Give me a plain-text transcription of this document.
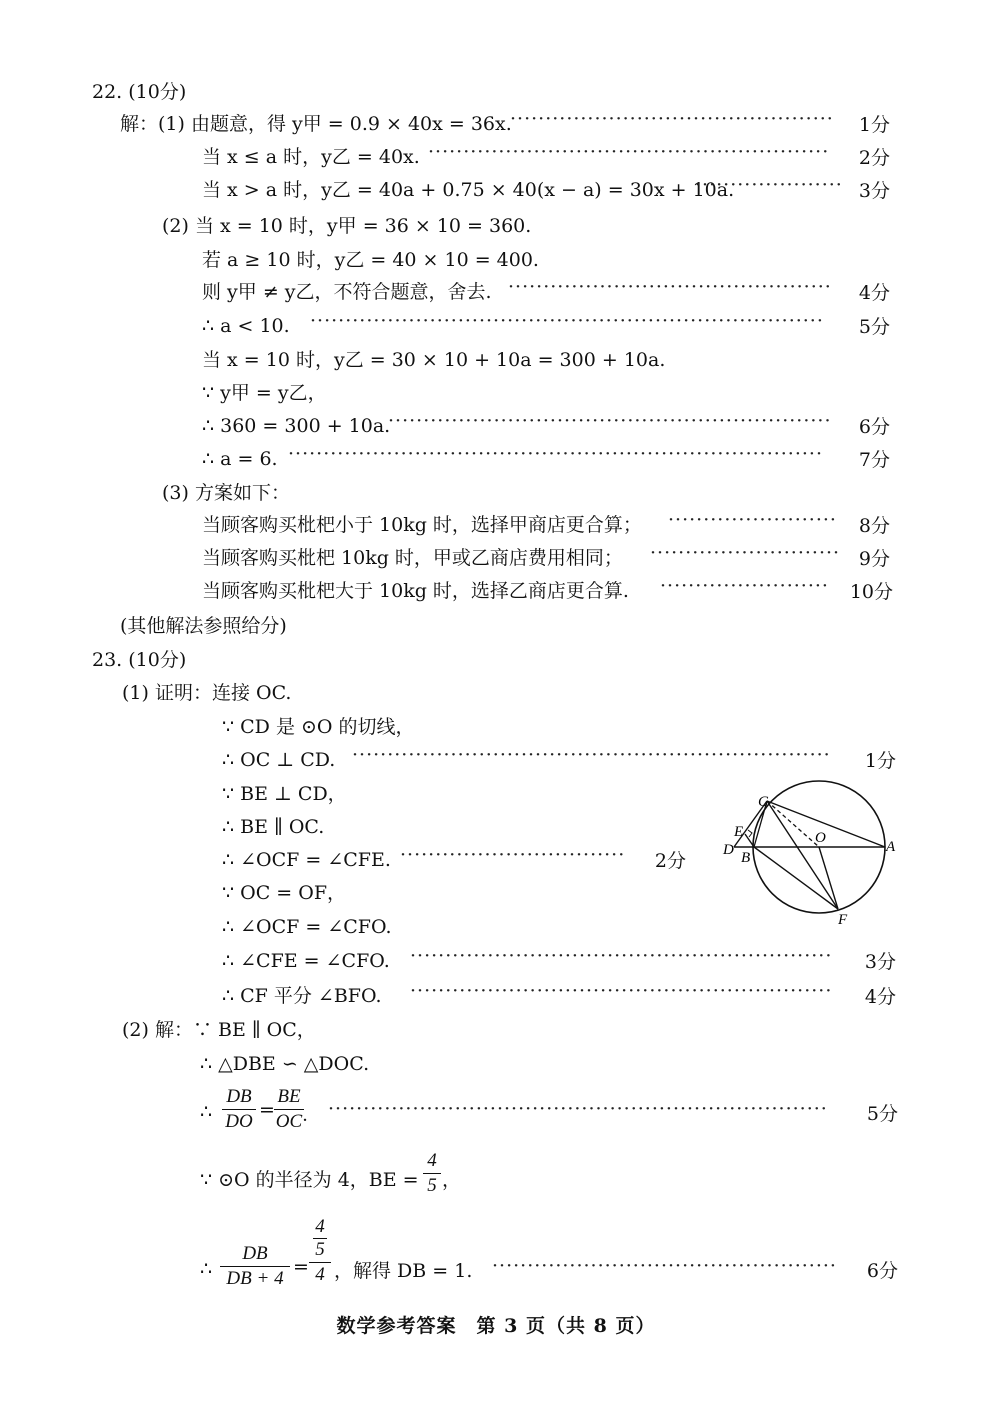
22. (10分)
解：(1) 由题意，得 y甲 = 0.9 × 40x = 36x.
··············································	1分
当 x ≤ a 时，y乙 = 40x. ·························································	2分
当 x > a 时，y乙 = 40a + 0.75 × 40(x − a) = 30x + 10a.
····················· 3分
(2) 当 x = 10 时，y甲 = 36 × 10 = 360.
若 a ≥ 10 时，y乙 = 40 × 10 = 400.
则 y甲 ≠ y乙，不符合题意，舍去. ··············································	4分
∴ a < 10. ·········································································	5分
当 x = 10 时，y乙 = 30 × 10 + 10a = 300 + 10a.
∵ y甲 = y乙，
∴ 360 = 300 + 10a.
·······························································	6分
∴ a = 6. ············································································	7分
(3) 方案如下：
当顾客购买枇杷小于 10kg 时，选择甲商店更合算； ························	8分
当顾客购买枇杷 10kg 时，甲或乙商店费用相同； ··························· 9分
当顾客购买枇杷大于 10kg 时，选择乙商店更合算. ························	10分
(其他解法参照给分)
23. (10分)
(1) 证明：连接 OC.
∵ CD 是 ⊙O 的切线，
∴ OC ⊥ CD. ····································································	1分
∵ BE ⊥ CD，
∴ BE ∥ OC.
∴ ∠OCF = ∠CFE. ································	2分
∵ OC = OF，
∴ ∠OCF = ∠CFO.
∴ ∠CFE = ∠CFO. ····························································	3分
∴ CF 平分 ∠BFO. ····························································	4分
(2) 解：∵ BE ∥ OC，
∴ △DBE ∽ △DOC.
∴
DB
DO
=
BE
OC . ·······································································	5分
∵ ⊙O 的半径为 4，BE =
4
5 ，
∴
DB
DB + 4
=
4
5
4 ，解得 DB = 1. ·················································	6分
C
E
D B
O
A
F
数学参考答案　第 3 页（共 8 页）
